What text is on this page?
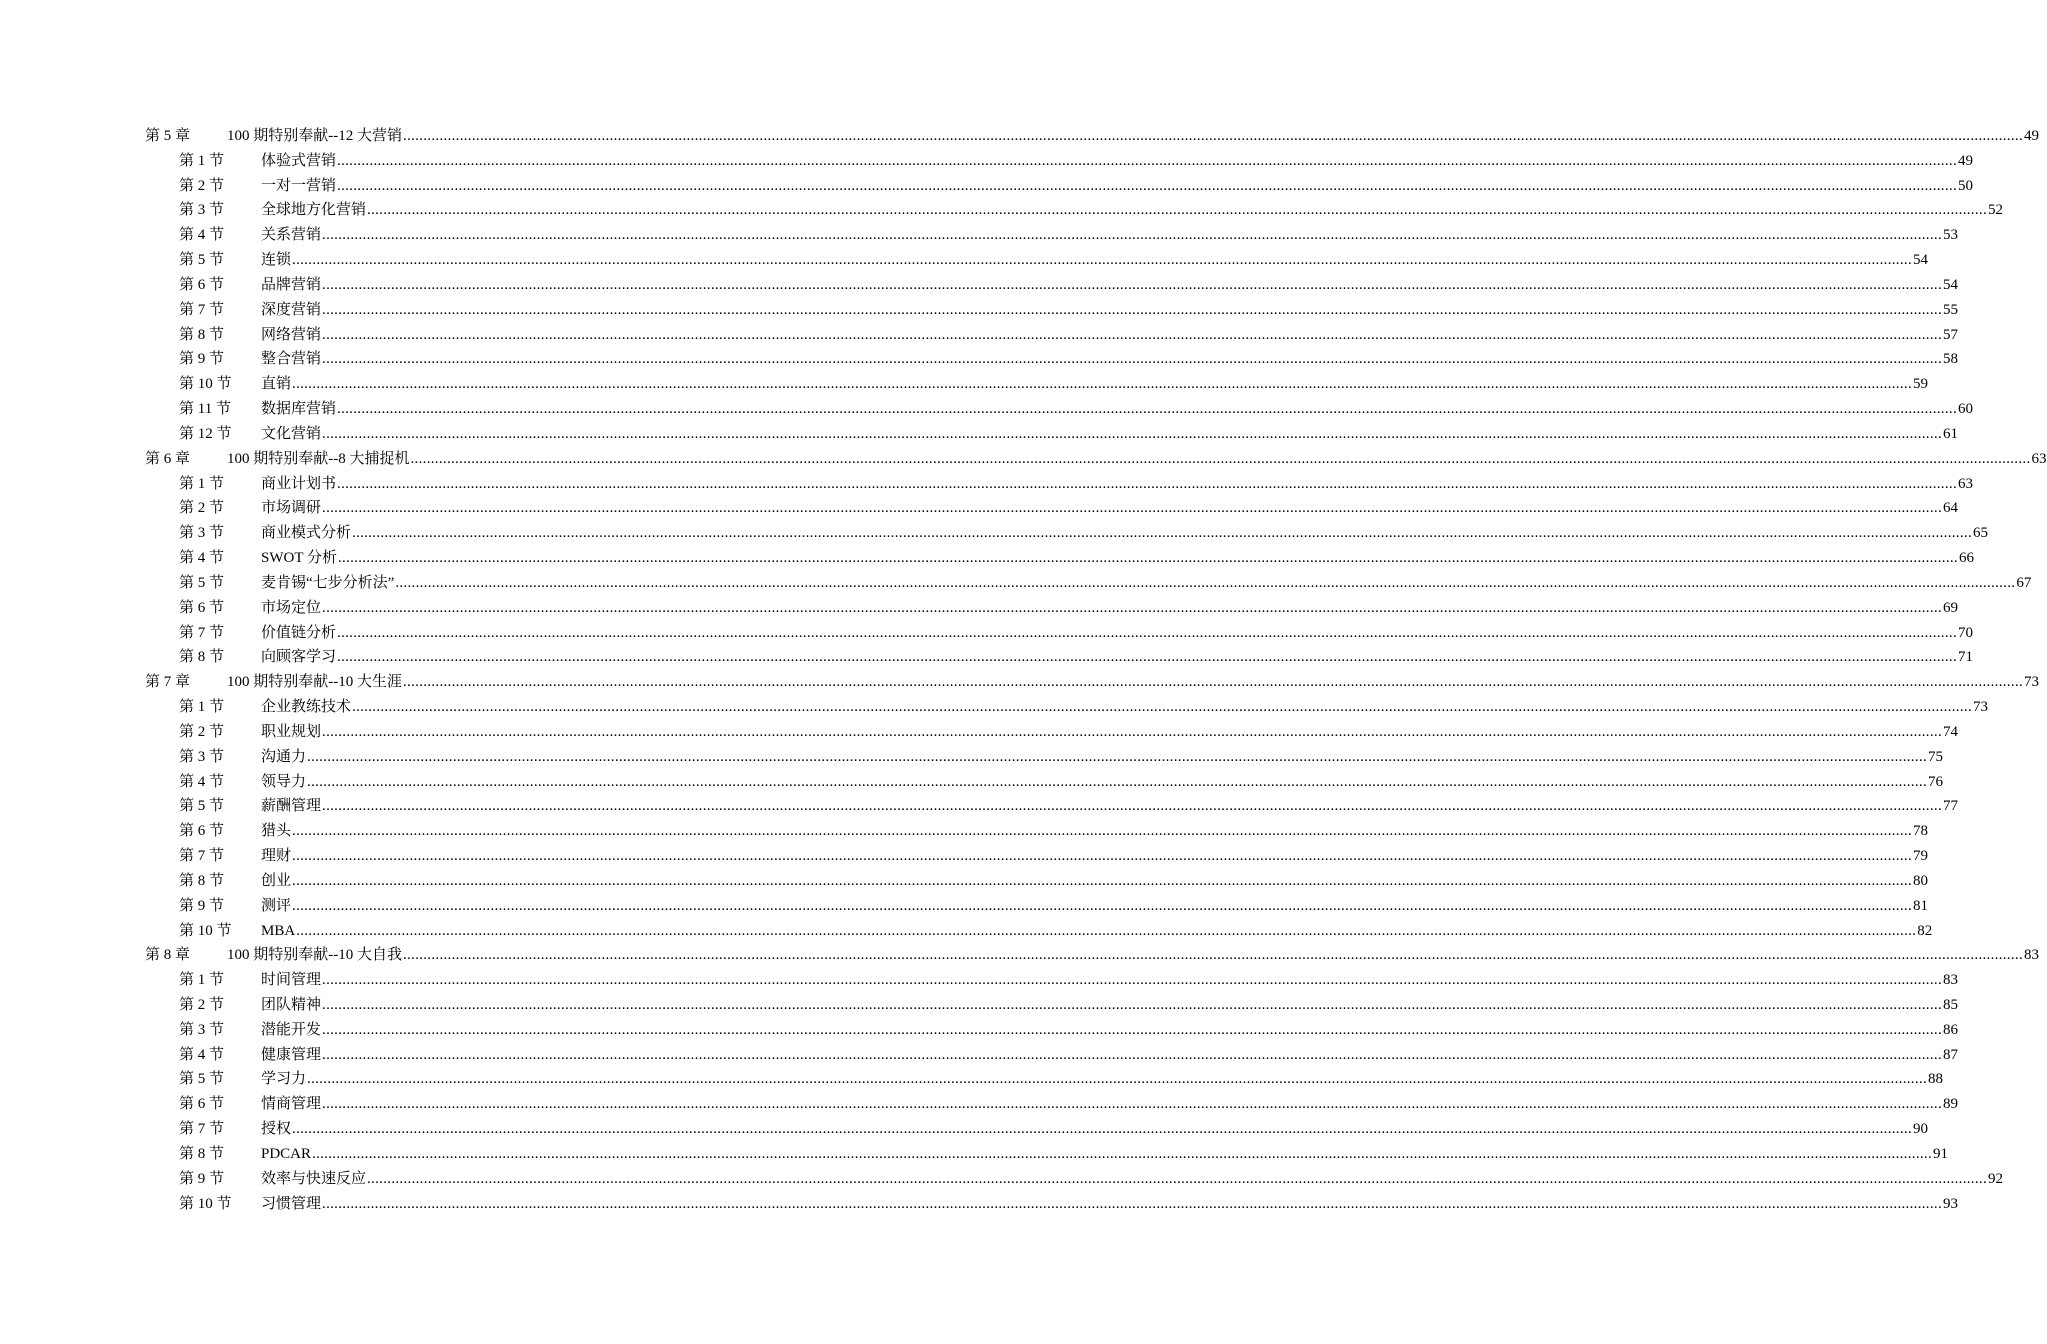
第 5 章 100 期特别奉献--12 大营销 ................................................................................................................................................................................................................................................................................................................................................................................................................ 49
第 1 节 体验式营销 ................................................................................................................................................................................................................................................................................................................................................................................................................ 49
第 2 节 一对一营销 ................................................................................................................................................................................................................................................................................................................................................................................................................ 50
第 3 节 全球地方化营销 ................................................................................................................................................................................................................................................................................................................................................................................................................ 52
第 4 节 关系营销 ................................................................................................................................................................................................................................................................................................................................................................................................................ 53
第 5 节 连锁 ................................................................................................................................................................................................................................................................................................................................................................................................................ 54
第 6 节 品牌营销 ................................................................................................................................................................................................................................................................................................................................................................................................................ 54
第 7 节 深度营销 ................................................................................................................................................................................................................................................................................................................................................................................................................ 55
第 8 节 网络营销 ................................................................................................................................................................................................................................................................................................................................................................................................................ 57
第 9 节 整合营销 ................................................................................................................................................................................................................................................................................................................................................................................................................ 58
第 10 节 直销 ................................................................................................................................................................................................................................................................................................................................................................................................................ 59
第 11 节 数据库营销 ................................................................................................................................................................................................................................................................................................................................................................................................................ 60
第 12 节 文化营销 ................................................................................................................................................................................................................................................................................................................................................................................................................ 61
第 6 章 100 期特别奉献--8 大捕捉机 ................................................................................................................................................................................................................................................................................................................................................................................................................ 63
第 1 节 商业计划书 ................................................................................................................................................................................................................................................................................................................................................................................................................ 63
第 2 节 市场调研 ................................................................................................................................................................................................................................................................................................................................................................................................................ 64
第 3 节 商业模式分析 ................................................................................................................................................................................................................................................................................................................................................................................................................ 65
第 4 节 SWOT 分析 ................................................................................................................................................................................................................................................................................................................................................................................................................ 66
第 5 节 麦肯锡“七步分析法” ................................................................................................................................................................................................................................................................................................................................................................................................................ 67
第 6 节 市场定位 ................................................................................................................................................................................................................................................................................................................................................................................................................ 69
第 7 节 价值链分析 ................................................................................................................................................................................................................................................................................................................................................................................................................ 70
第 8 节 向顾客学习 ................................................................................................................................................................................................................................................................................................................................................................................................................ 71
第 7 章 100 期特别奉献--10 大生涯 ................................................................................................................................................................................................................................................................................................................................................................................................................ 73
第 1 节 企业教练技术 ................................................................................................................................................................................................................................................................................................................................................................................................................ 73
第 2 节 职业规划 ................................................................................................................................................................................................................................................................................................................................................................................................................ 74
第 3 节 沟通力 ................................................................................................................................................................................................................................................................................................................................................................................................................ 75
第 4 节 领导力 ................................................................................................................................................................................................................................................................................................................................................................................................................ 76
第 5 节 薪酬管理 ................................................................................................................................................................................................................................................................................................................................................................................................................ 77
第 6 节 猎头 ................................................................................................................................................................................................................................................................................................................................................................................................................ 78
第 7 节 理财 ................................................................................................................................................................................................................................................................................................................................................................................................................ 79
第 8 节 创业 ................................................................................................................................................................................................................................................................................................................................................................................................................ 80
第 9 节 测评 ................................................................................................................................................................................................................................................................................................................................................................................................................ 81
第 10 节 MBA ................................................................................................................................................................................................................................................................................................................................................................................................................ 82
第 8 章 100 期特别奉献--10 大自我 ................................................................................................................................................................................................................................................................................................................................................................................................................ 83
第 1 节 时间管理 ................................................................................................................................................................................................................................................................................................................................................................................................................ 83
第 2 节 团队精神 ................................................................................................................................................................................................................................................................................................................................................................................................................ 85
第 3 节 潜能开发 ................................................................................................................................................................................................................................................................................................................................................................................................................ 86
第 4 节 健康管理 ................................................................................................................................................................................................................................................................................................................................................................................................................ 87
第 5 节 学习力 ................................................................................................................................................................................................................................................................................................................................................................................................................ 88
第 6 节 情商管理 ................................................................................................................................................................................................................................................................................................................................................................................................................ 89
第 7 节 授权 ................................................................................................................................................................................................................................................................................................................................................................................................................ 90
第 8 节 PDCAR ................................................................................................................................................................................................................................................................................................................................................................................................................ 91
第 9 节 效率与快速反应 ................................................................................................................................................................................................................................................................................................................................................................................................................ 92
第 10 节 习惯管理 ................................................................................................................................................................................................................................................................................................................................................................................................................ 93
